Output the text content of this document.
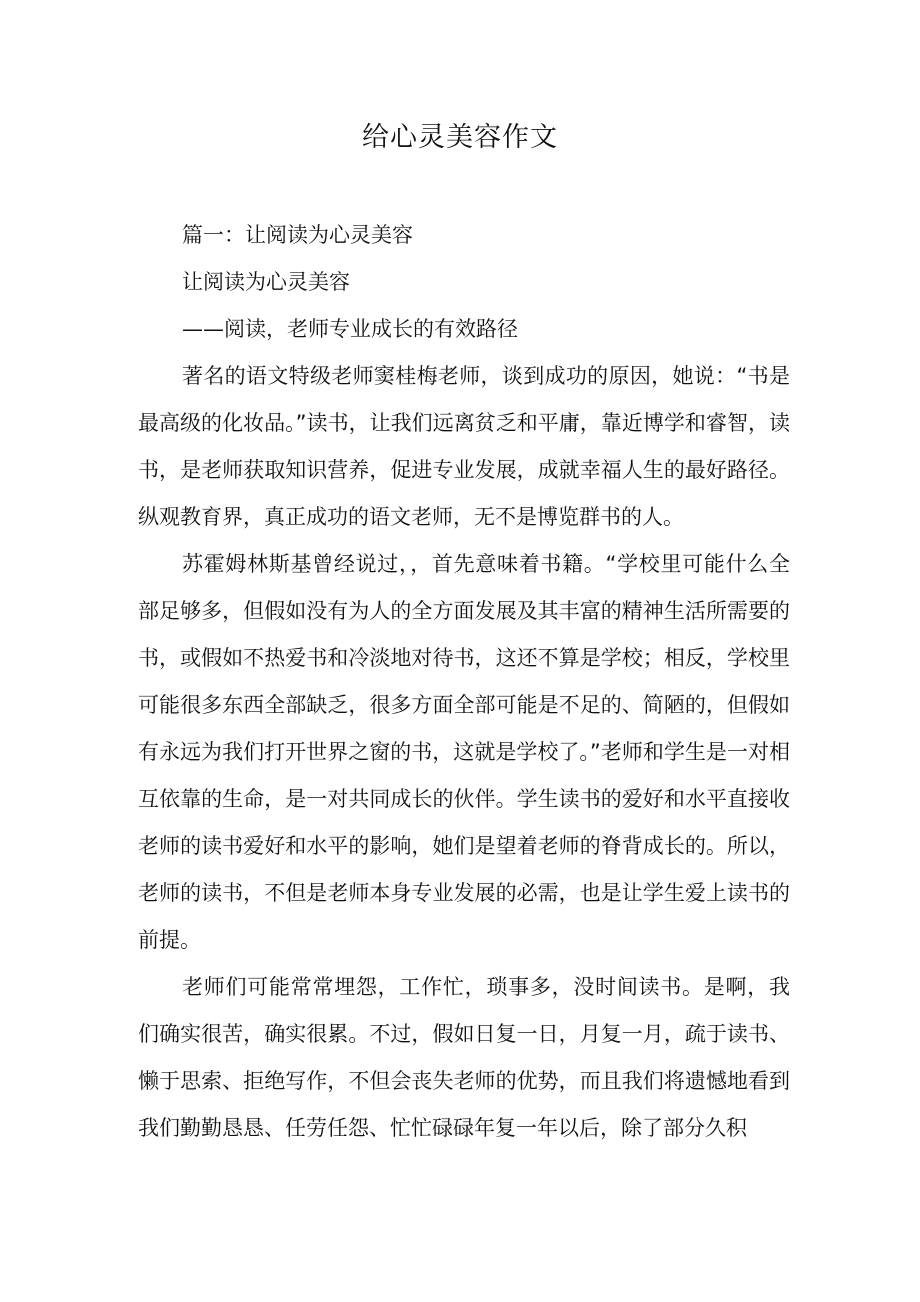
给心灵美容作文

篇一：让阅读为心灵美容

让阅读为心灵美容

——阅读，老师专业成长的有效路径

著名的语文特级老师窦桂梅老师，谈到成功的原因，她说：“书是最高级的化妆品。”读书，让我们远离贫乏和平庸，靠近博学和睿智，读书，是老师获取知识营养，促进专业发展，成就幸福人生的最好路径。纵观教育界，真正成功的语文老师，无不是博览群书的人。

苏霍姆林斯基曾经说过，，首先意味着书籍。“学校里可能什么全部足够多，但假如没有为人的全方面发展及其丰富的精神生活所需要的书，或假如不热爱书和冷淡地对待书，这还不算是学校；相反，学校里可能很多东西全部缺乏，很多方面全部可能是不足的、简陋的，但假如有永远为我们打开世界之窗的书，这就是学校了。”老师和学生是一对相互依靠的生命，是一对共同成长的伙伴。学生读书的爱好和水平直接收老师的读书爱好和水平的影响，她们是望着老师的脊背成长的。所以，老师的读书，不但是老师本身专业发展的必需，也是让学生爱上读书的前提。

老师们可能常常埋怨，工作忙，琐事多，没时间读书。是啊，我们确实很苦，确实很累。不过，假如日复一日，月复一月，疏于读书、懒于思索、拒绝写作，不但会丧失老师的优势，而且我们将遗憾地看到我们勤勤恳恳、任劳任怨、忙忙碌碌年复一年以后，除了部分久积
